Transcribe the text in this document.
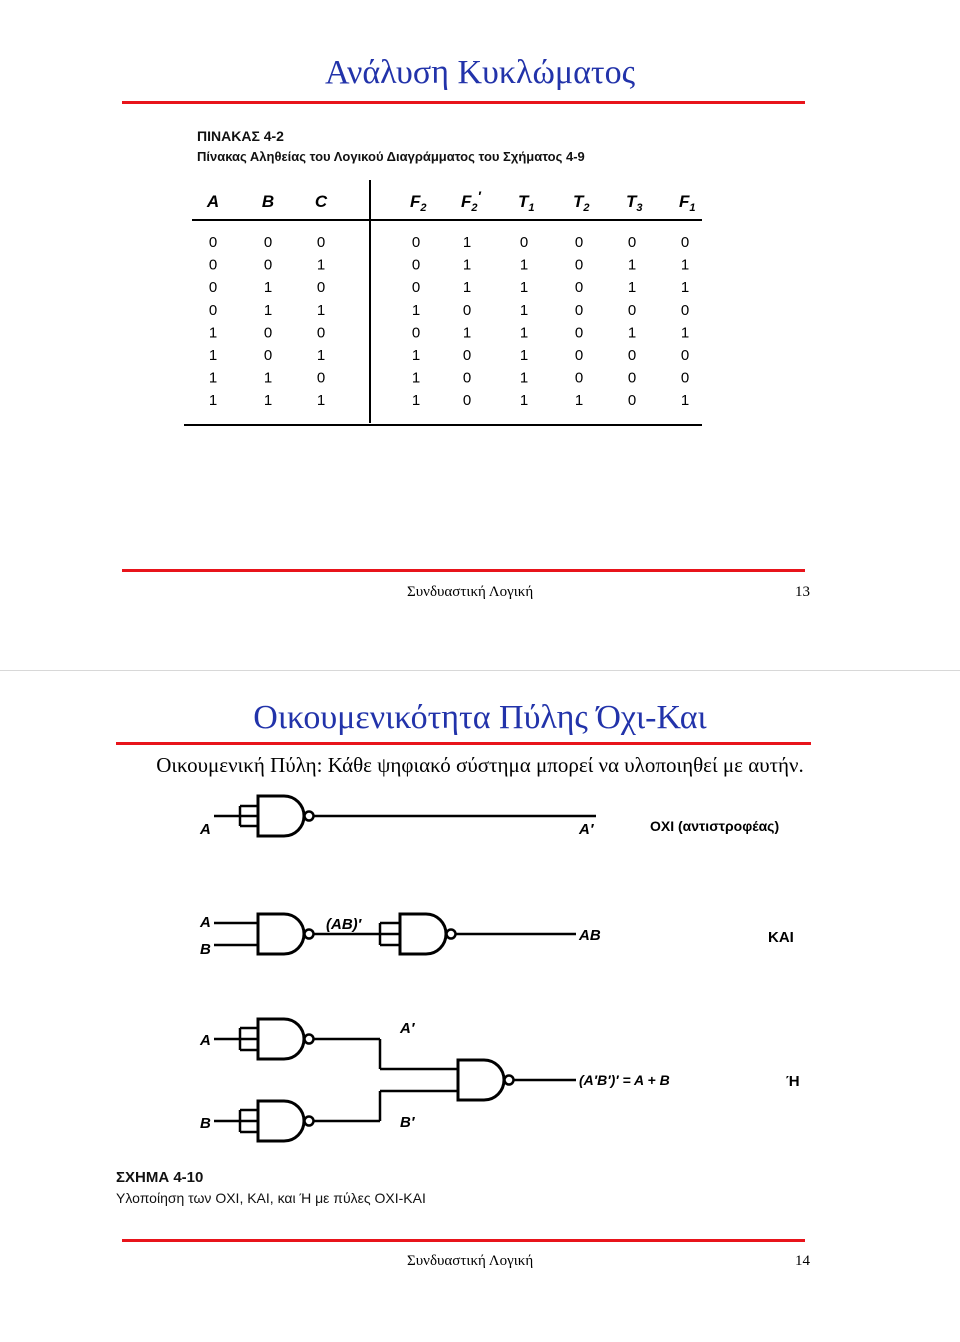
Ανάλυση Κυκλώματος
ΠΙΝΑΚΑΣ 4-2
Πίνακας Αληθείας του Λογικού Διαγράμματος του Σχήματος 4-9
A	B C	$F_2$ $F_2'$ $T_1$ $T_2$ $T_3$ $F_1$
0	0	0	0	1	0	0	0	0
0	0	1	0	1	1	0	1	1
0	1	0	0	1	1	0	1	1
0	1	1	1	0	1	0	0	0
1	0	0	0	1	1	0	1	1
1	0	1	1	0	1	0	0	0
1	1	0	1	0	1	0	0	0
1	1	1	1	0	1	1	0	1
Συνδυαστική Λογική	13
Οικουμενικότητα Πύλης Όχι-Και
Οικουμενική Πύλη: Κάθε ψηφιακό σύστημα μπορεί να υλοποιηθεί με αυτήν.
A	A′	ΟΧΙ (αντιστροφέας)
A
B
(AB)′
AB	ΚΑΙ
A
A′
B	B′
(A′B′)′ = A + B	Ή
ΣΧΗΜΑ 4-10
Υλοποίηση των ΟΧΙ, ΚΑΙ, και Ή με πύλες ΟΧΙ-ΚΑΙ
Συνδυαστική Λογική	14
